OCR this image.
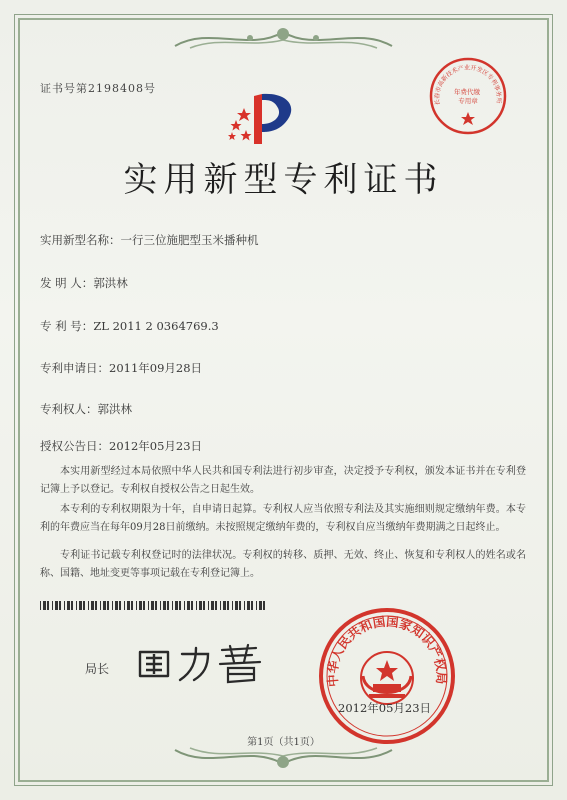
证书号第2198408号
实用新型专利证书
实用新型名称：一行三位施肥型玉米播种机
发 明 人：郭洪林
专 利 号：ZL 2011 2 0364769.3
专利申请日：2011年09月28日
专利权人：郭洪林
授权公告日：2012年05月23日
本实用新型经过本局依照中华人民共和国专利法进行初步审查，决定授予专利权，颁发本证书并在专利登记簿上予以登记。专利权自授权公告之日起生效。
本专利的专利权期限为十年，自申请日起算。专利权人应当依照专利法及其实施细则规定缴纳年费。本专利的年费应当在每年09月28日前缴纳。未按照规定缴纳年费的，专利权自应当缴纳年费期满之日起终止。
专利证书记载专利权登记时的法律状况。专利权的转移、质押、无效、终止、恢复和专利权人的姓名或名称、国籍、地址变更等事项记载在专利登记簿上。
局长
中华人民共和国国家知识产权局
2012年05月23日
长春市高新技术产业开发区专利事务所
年费代缴 专用章
第1页（共1页）
